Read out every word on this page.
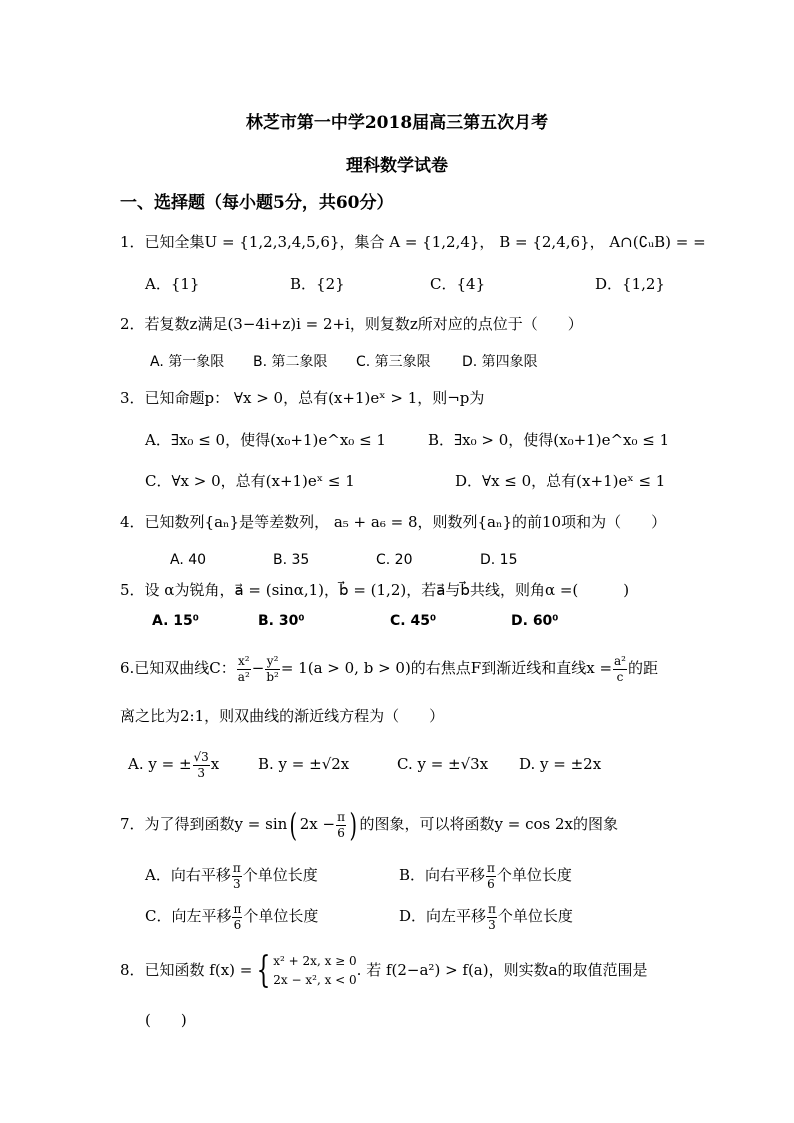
林芝市第一中学2018届高三第五次月考
理科数学试卷
一、选择题（每小题5分，共60分）
1．已知全集U = {1,2,3,4,5,6}，集合 A = {1,2,4}， B = {2,4,6}， A∩(∁ᵤB) = =
A．{1}	B．{2}	C．{4}	D．{1,2}
2．若复数z满足(3−4i+z)i = 2+i，则复数z所对应的点位于（　　）
A. 第一象限 B. 第二象限 C. 第三象限 D. 第四象限
3．已知命题p： ∀x > 0，总有(x+1)eˣ > 1，则¬p为
A．∃x₀ ≤ 0，使得(x₀+1)e^x₀ ≤ 1	B．∃x₀ > 0，使得(x₀+1)e^x₀ ≤ 1
C．∀x > 0，总有(x+1)eˣ ≤ 1	D．∀x ≤ 0，总有(x+1)eˣ ≤ 1
4．已知数列{aₙ}是等差数列， a₅ + a₆ = 8，则数列{aₙ}的前10项和为（　　）
A. 40	B. 35	C. 20	D. 15
5．设 α为锐角，a⃗ = (sinα,1)，b⃗ = (1,2)，若a⃗与b⃗共线，则角α =(　　　)
A. 15⁰	B. 30⁰	C. 45⁰	D. 60⁰
6.已知双曲线C： $\frac{\text{x²}}{\text{a²}} - \frac{\text{y²}}{\text{b²}} = 1(a > 0$, b > 0)的右焦点F到渐近线和直线$x = \frac{\text{a²}}{c}$ 的距
离之比为2:1，则双曲线的渐近线方程为（　　）
A. y = ± $\frac{√3}{3}$ x	B. y = ±√2x	C. y = ±√3x D. y = ±2x
7．为了得到函数y = sin( $2x - \frac{\pi}{6}$ ) 的图象，可以将函数y = cos 2x的图象
A．向右平移 $\frac{\pi}{3}$ 个单位长度	B．向右平移 $\frac{\pi}{6}$ 个单位长度
C．向左平移 $\frac{\pi}{6}$ 个单位长度	D．向左平移 $\frac{\pi}{3}$ 个单位长度
8．已知函数 f(x) = { x² + 2x, x ≥ 0
2x − x², x < 0
. 若 f(2−a²) > f(a)，则实数a的取值范围是
(　　)
